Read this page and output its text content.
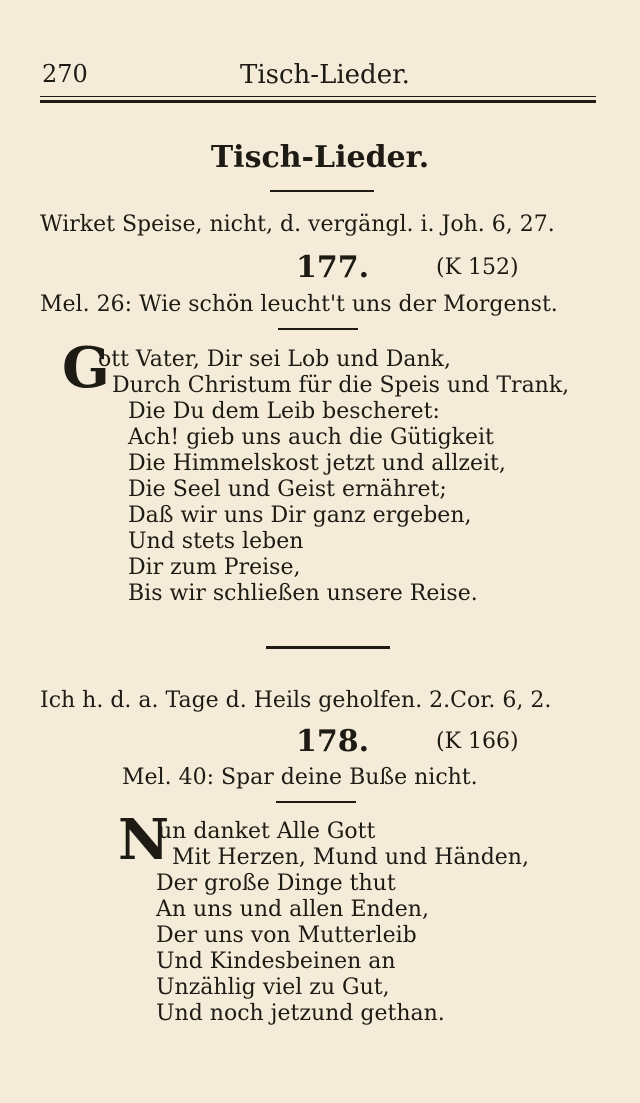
270	Tisch-Lieder.
Tisch-Lieder.
Wirket Speise, nicht, d. vergängl. i. Joh. 6, 27.
177.	(K 152)
Mel. 26: Wie schön leucht't uns der Morgenst.
G
ott Vater, Dir sei Lob und Dank,
Durch Christum für die Speis und Trank,
Die Du dem Leib bescheret:
Ach! gieb uns auch die Gütigkeit
Die Himmelskost jetzt und allzeit,
Die Seel und Geist ernähret;
Daß wir uns Dir ganz ergeben,
Und stets leben
Dir zum Preise,
Bis wir schließen unsere Reise.
Ich h. d. a. Tage d. Heils geholfen. 2.Cor. 6, 2.
178.	(K 166)
Mel. 40: Spar deine Buße nicht.
N
un danket Alle Gott
Mit Herzen, Mund und Händen,
Der große Dinge thut
An uns und allen Enden,
Der uns von Mutterleib
Und Kindesbeinen an
Unzählig viel zu Gut,
Und noch jetzund gethan.
